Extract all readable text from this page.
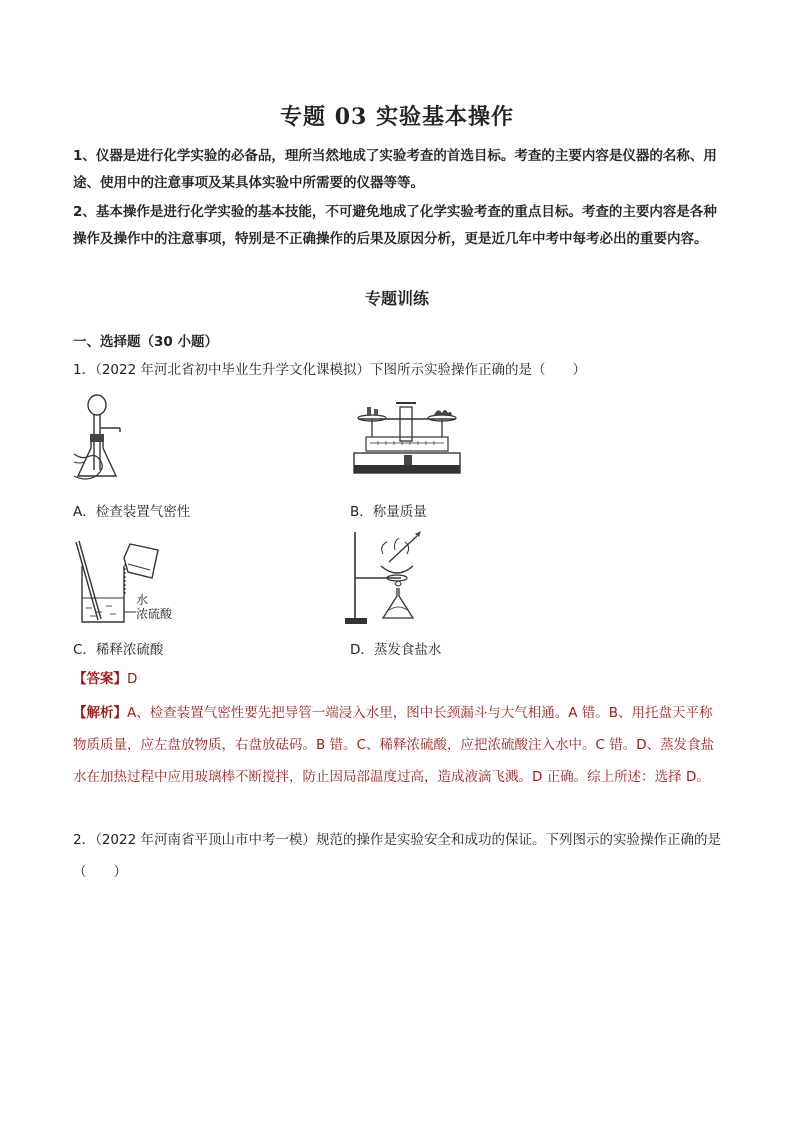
专题 03 实验基本操作
1、仪器是进行化学实验的必备品，理所当然地成了实验考查的首选目标。考查的主要内容是仪器的名称、用途、使用中的注意事项及某具体实验中所需要的仪器等等。
2、基本操作是进行化学实验的基本技能，不可避免地成了化学实验考查的重点目标。考查的主要内容是各种操作及操作中的注意事项，特别是不正确操作的后果及原因分析，更是近几年中考中每考必出的重要内容。
专题训练
一、选择题（30 小题）
1．（2022 年河北省初中毕业生升学文化课模拟）下图所示实验操作正确的是（　　）
水
浓硫酸
A．检查装置气密性	B．称量质量
C．稀释浓硫酸	D．蒸发食盐水
【答案】D
【解析】A、检查装置气密性要先把导管一端浸入水里，图中长颈漏斗与大气相通。A 错。B、用托盘天平称物质质量，应左盘放物质，右盘放砝码。B 错。C、稀释浓硫酸，应把浓硫酸注入水中。C 错。D、蒸发食盐水在加热过程中应用玻璃棒不断搅拌，防止因局部温度过高，造成液滴飞溅。D 正确。综上所述：选择 D。
2．（2022 年河南省平顶山市中考一模）规范的操作是实验安全和成功的保证。下列图示的实验操作正确的是（　　）
